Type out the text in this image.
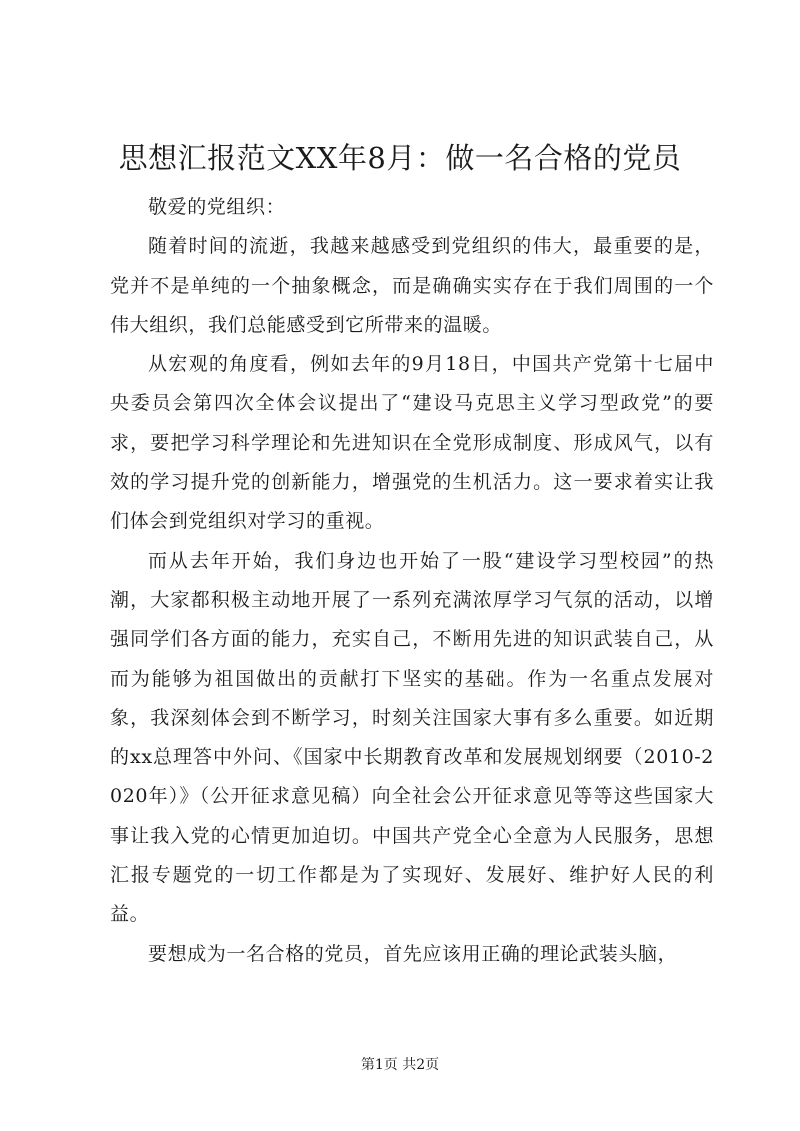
思想汇报范文XX年8月：做一名合格的党员

敬爱的党组织：

随着时间的流逝，我越来越感受到党组织的伟大，最重要的是，党并不是单纯的一个抽象概念，而是确确实实存在于我们周围的一个伟大组织，我们总能感受到它所带来的温暖。

从宏观的角度看，例如去年的9月18日，中国共产党第十七届中央委员会第四次全体会议提出了“建设马克思主义学习型政党”的要求，要把学习科学理论和先进知识在全党形成制度、形成风气，以有效的学习提升党的创新能力，增强党的生机活力。这一要求着实让我们体会到党组织对学习的重视。

而从去年开始，我们身边也开始了一股“建设学习型校园”的热潮，大家都积极主动地开展了一系列充满浓厚学习气氛的活动，以增强同学们各方面的能力，充实自己，不断用先进的知识武装自己，从而为能够为祖国做出的贡献打下坚实的基础。作为一名重点发展对象，我深刻体会到不断学习，时刻关注国家大事有多么重要。如近期的xx总理答中外问、《国家中长期教育改革和发展规划纲要（2010-2020年）》（公开征求意见稿）向全社会公开征求意见等等这些国家大事让我入党的心情更加迫切。中国共产党全心全意为人民服务，思想汇报专题党的一切工作都是为了实现好、发展好、维护好人民的利益。

要想成为一名合格的党员，首先应该用正确的理论武装头脑，

第1页 共2页
